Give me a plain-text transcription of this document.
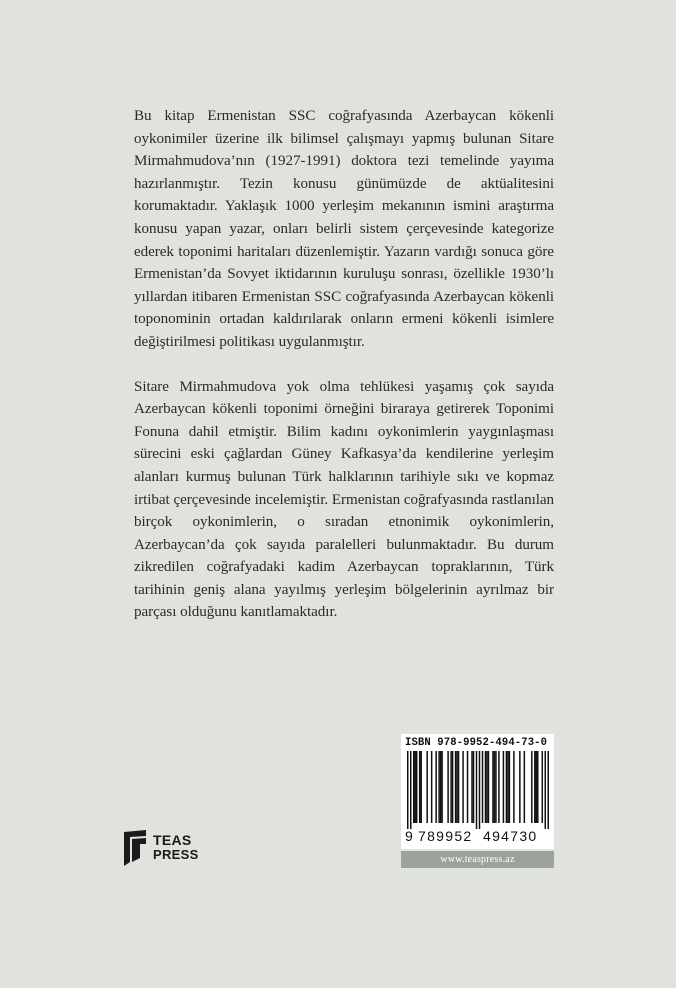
Bu kitap Ermenistan SSC coğrafyasında Azerbaycan kökenli oykonimiler üzerine ilk bilimsel çalışmayı yapmış bulunan Sitare Mirmahmudova’nın (1927-1991) doktora tezi temelinde yayıma hazırlanmıştır. Tezin konusu günümüzde de aktüalitesini korumaktadır. Yaklaşık 1000 yerleşim mekanının ismini araştırma konusu yapan yazar, onları belirli sistem çerçevesinde kategorize ederek toponimi haritaları düzenlemiştir. Yazarın vardığı sonuca göre Ermenistan’da Sovyet iktidarının kuruluşu sonrası, özellikle 1930’lı yıllardan itibaren Ermenistan SSC coğrafyasında Azerbaycan kökenli toponominin ortadan kaldırılarak onların ermeni kökenli isimlere değiştirilmesi politikası uygulanmıştır.

Sitare Mirmahmudova yok olma tehlükesi yaşamış çok sayıda Azerbaycan kökenli toponimi örneğini biraraya getirerek Toponimi Fonuna dahil etmiştir. Bilim kadını oykonimlerin yaygınlaşması sürecini eski çağlardan Güney Kafkasya’da kendilerine yerleşim alanları kurmuş bulunan Türk halklarının tarihiyle sıkı ve kopmaz irtibat çerçevesinde incelemiştir. Ermenistan coğrafyasında rastlanılan birçok oykonimlerin, o sıradan etnonimik oykonimlerin, Azerbaycan’da çok sayıda paralelleri bulunmaktadır. Bu durum zikredilen coğrafyadaki kadim Azerbaycan topraklarının, Türk tarihinin geniş alana yayılmış yerleşim bölgelerinin ayrılmaz bir parçası olduğunu kanıtlamaktadır.

ISBN 978-9952-494-73-0
9 789952 494730
www.teaspress.az
TEAS
PRESS
